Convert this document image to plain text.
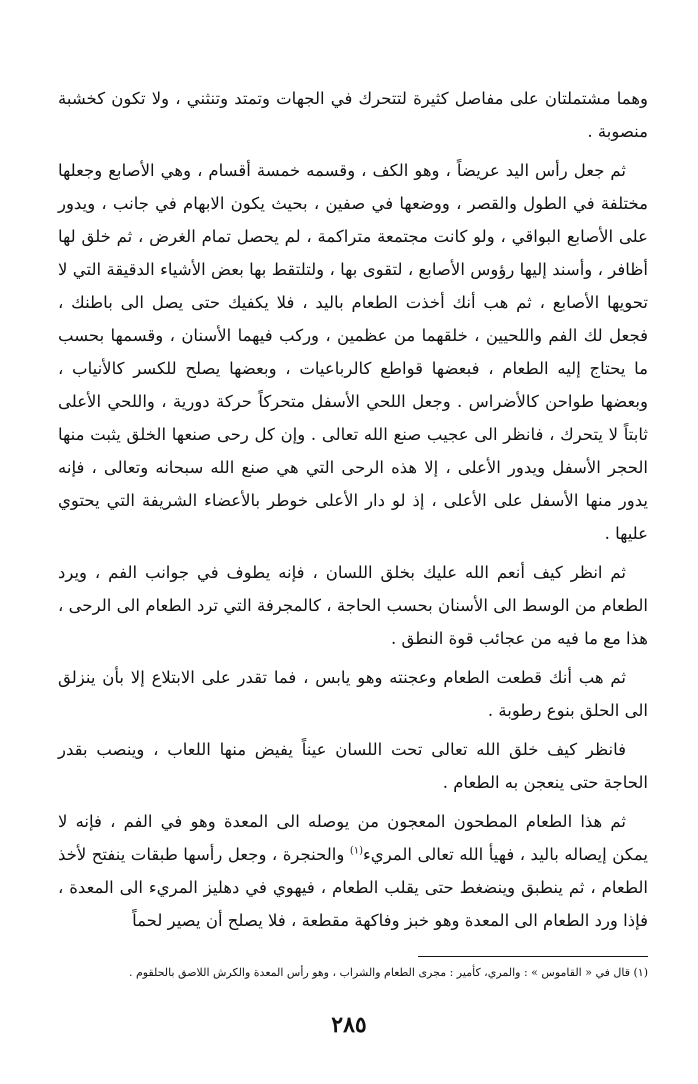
وهما مشتملتان على مفاصل كثيرة لتتحرك في الجهات وتمتد وتنثني ، ولا تكون كخشبة منصوبة .

ثم جعل رأس اليد عريضاً ، وهو الكف ، وقسمه خمسة أقسام ، وهي الأصابع وجعلها مختلفة في الطول والقصر ، ووضعها في صفين ، بحيث يكون الابهام في جانب ، ويدور على الأصابع البواقي ، ولو كانت مجتمعة متراكمة ، لم يحصل تمام الغرض ، ثم خلق لها أظافر ، وأسند إليها رؤوس الأصابع ، لتقوى بها ، ولتلتقط بها بعض الأشياء الدقيقة التي لا تحويها الأصابع ، ثم هب أنك أخذت الطعام باليد ، فلا يكفيك حتى يصل الى باطنك ، فجعل لك الفم واللحيين ، خلقهما من عظمين ، وركب فيهما الأسنان ، وقسمها بحسب ما يحتاج إليه الطعام ، فبعضها قواطع كالرباعيات ، وبعضها يصلح للكسر كالأنياب ، وبعضها طواحن كالأضراس . وجعل اللحي الأسفل متحركاً حركة دورية ، واللحي الأعلى ثابتاً لا يتحرك ، فانظر الى عجيب صنع الله تعالى . وإن كل رحى صنعها الخلق يثبت منها الحجر الأسفل ويدور الأعلى ، إلا هذه الرحى التي هي صنع الله سبحانه وتعالى ، فإنه يدور منها الأسفل على الأعلى ، إذ لو دار الأعلى خوطر بالأعضاء الشريفة التي يحتوي عليها .

ثم انظر كيف أنعم الله عليك بخلق اللسان ، فإنه يطوف في جوانب الفم ، ويرد الطعام من الوسط الى الأسنان بحسب الحاجة ، كالمجرفة التي ترد الطعام الى الرحى ، هذا مع ما فيه من عجائب قوة النطق .

ثم هب أنك قطعت الطعام وعجنته وهو يابس ، فما تقدر على الابتلاع إلا بأن ينزلق الى الحلق بنوع رطوبة .

فانظر كيف خلق الله تعالى تحت اللسان عيناً يفيض منها اللعاب ، وينصب بقدر الحاجة حتى ينعجن به الطعام .

ثم هذا الطعام المطحون المعجون من يوصله الى المعدة وهو في الفم ، فإنه لا يمكن إيصاله باليد ، فهيأ الله تعالى المريء$^{(١)}$ والحنجرة ، وجعل رأسها طبقات ينفتح لأخذ الطعام ، ثم ينطبق وينضغط حتى يقلب الطعام ، فيهوي في دهليز المريء الى المعدة ، فإذا ورد الطعام الى المعدة وهو خبز وفاكهة مقطعة ، فلا يصلح أن يصير لحماً

(١) قال في « القاموس » : والمري، كأمير : مجرى الطعام والشراب ، وهو رأس المعدة والكرش اللاصق بالحلقوم .
٢٨٥
